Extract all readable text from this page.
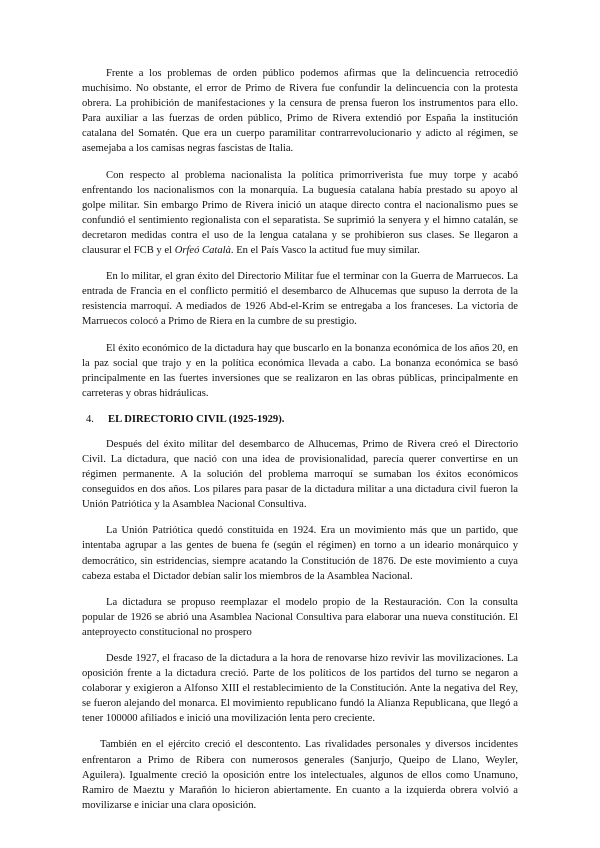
Frente a los problemas de orden público podemos afirmas que la delincuencia retrocedió muchísimo. No obstante, el error de Primo de Rivera fue confundir la delincuencia con la protesta obrera. La prohibición de manifestaciones y la censura de prensa fueron los instrumentos para ello. Para auxiliar a las fuerzas de orden público, Primo de Rivera extendió por España la institución catalana del Somatén. Que era un cuerpo paramilitar contrarrevolucionario y adicto al régimen, se asemejaba a los camisas negras fascistas de Italia.

Con respecto al problema nacionalista la política primorriverista fue muy torpe y acabó enfrentando los nacionalismos con la monarquía. La buguesía catalana había prestado su apoyo al golpe militar. Sin embargo Primo de Rivera inició un ataque directo contra el nacionalismo pues se confundió el sentimiento regionalista con el separatista. Se suprimió la senyera y el himno catalán, se decretaron medidas contra el uso de la lengua catalana y se prohibieron sus clases. Se llegaron a clausurar el FCB y el Orfeó Català. En el País Vasco la actitud fue muy similar.

En lo militar, el gran éxito del Directorio Militar fue el terminar con la Guerra de Marruecos. La entrada de Francia en el conflicto permitió el desembarco de Alhucemas que supuso la derrota de la resistencia marroquí. A mediados de 1926 Abd-el-Krim se entregaba a los franceses. La victoria de Marruecos colocó a Primo de Riera en la cumbre de su prestigio.

El éxito económico de la dictadura hay que buscarlo en la bonanza económica de los años 20, en la paz social que trajo y en la política económica llevada a cabo. La bonanza económica se basó principalmente en las fuertes inversiones que se realizaron en las obras públicas, principalmente en carreteras y obras hidráulicas.

4.	EL DIRECTORIO CIVIL (1925-1929).

Después del éxito militar del desembarco de Alhucemas, Primo de Rivera creó el Directorio Civil. La dictadura, que nació con una idea de provisionalidad, parecía querer convertirse en un régimen permanente. A la solución del problema marroquí se sumaban los éxitos económicos conseguidos en dos años. Los pilares para pasar de la dictadura militar a una dictadura civil fueron la Unión Patriótica y la Asamblea Nacional Consultiva.

La Unión Patriótica quedó constituida en 1924. Era un movimiento más que un partido, que intentaba agrupar a las gentes de buena fe (según el régimen) en torno a un ideario monárquico y democrático, sin estridencias, siempre acatando la Constitución de 1876. De este movimiento a cuya cabeza estaba el Dictador debían salir los miembros de la Asamblea Nacional.

La dictadura se propuso reemplazar el modelo propio de la Restauración. Con la consulta popular de 1926 se abrió una Asamblea Nacional Consultiva para elaborar una nueva constitución. El anteproyecto constitucional no prospero

Desde 1927, el fracaso de la dictadura a la hora de renovarse hizo revivir las movilizaciones. La oposición frente a la dictadura creció. Parte de los políticos de los partidos del turno se negaron a colaborar y exigieron a Alfonso XIII el restablecimiento de la Constitución. Ante la negativa del Rey, se fueron alejando del monarca. El movimiento republicano fundó la Alianza Republicana, que llegó a tener 100000 afiliados e inició una movilización lenta pero creciente.

También en el ejército creció el descontento. Las rivalidades personales y diversos incidentes enfrentaron a Primo de Ribera con numerosos generales (Sanjurjo, Queipo de Llano, Weyler, Aguilera). Igualmente creció la oposición entre los intelectuales, algunos de ellos como Unamuno, Ramiro de Maeztu y Marañón lo hicieron abiertamente. En cuanto a la izquierda obrera volvió a movilizarse e iniciar una clara oposición.
